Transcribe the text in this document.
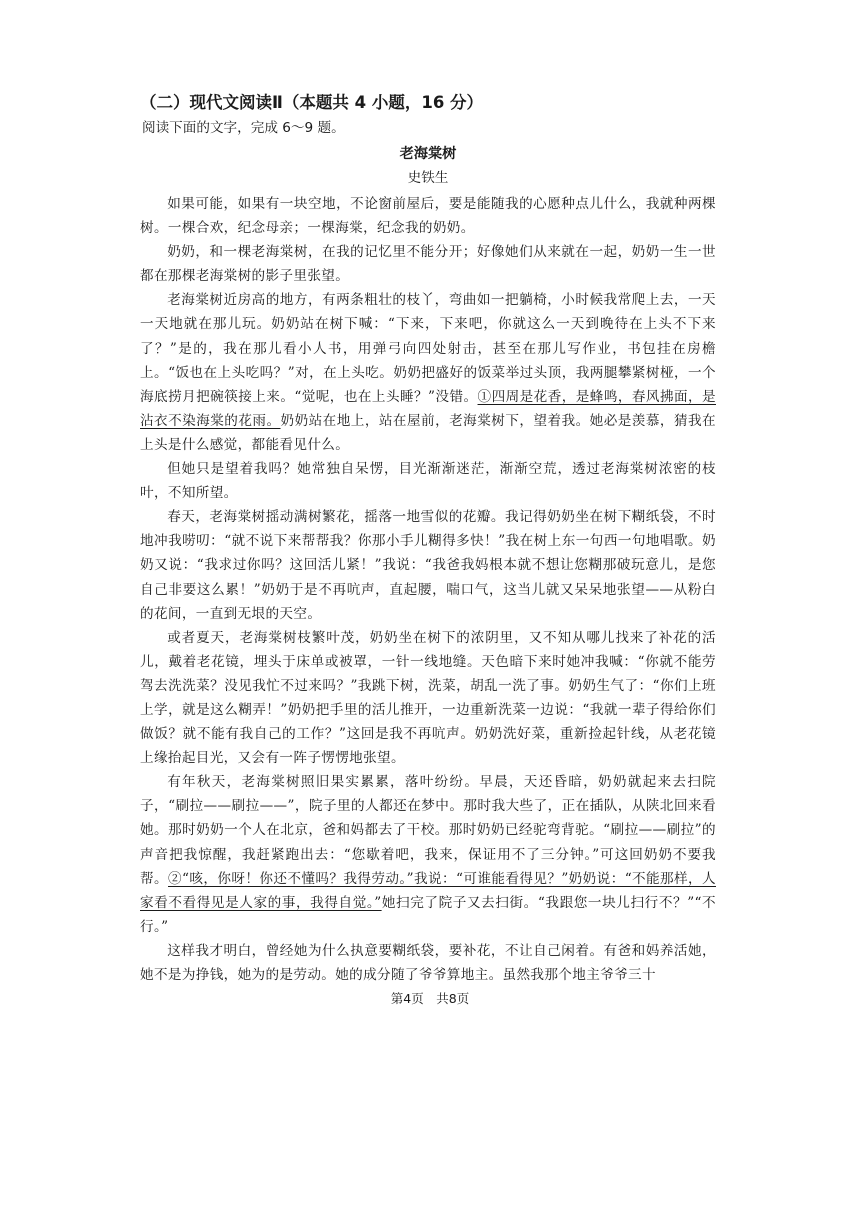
（二）现代文阅读Ⅱ（本题共 4 小题，16 分）

阅读下面的文字，完成 6～9 题。

老海棠树

史铁生

如果可能，如果有一块空地，不论窗前屋后，要是能随我的心愿种点儿什么，我就种两棵树。一棵合欢，纪念母亲；一棵海棠，纪念我的奶奶。

奶奶，和一棵老海棠树，在我的记忆里不能分开；好像她们从来就在一起，奶奶一生一世都在那棵老海棠树的影子里张望。

老海棠树近房高的地方，有两条粗壮的枝丫，弯曲如一把躺椅，小时候我常爬上去，一天一天地就在那儿玩。奶奶站在树下喊：“下来，下来吧，你就这么一天到晚待在上头不下来了？”是的，我在那儿看小人书，用弹弓向四处射击，甚至在那儿写作业，书包挂在房檐上。“饭也在上头吃吗？”对，在上头吃。奶奶把盛好的饭菜举过头顶，我两腿攀紧树桠，一个海底捞月把碗筷接上来。“觉呢，也在上头睡？”没错。①四周是花香，是蜂鸣，春风拂面，是沾衣不染海棠的花雨。奶奶站在地上，站在屋前，老海棠树下，望着我。她必是羡慕，猜我在上头是什么感觉，都能看见什么。

但她只是望着我吗？她常独自呆愣，目光渐渐迷茫，渐渐空荒，透过老海棠树浓密的枝叶，不知所望。

春天，老海棠树摇动满树繁花，摇落一地雪似的花瓣。我记得奶奶坐在树下糊纸袋，不时地冲我唠叨：“就不说下来帮帮我？你那小手儿糊得多快！”我在树上东一句西一句地唱歌。奶奶又说：“我求过你吗？这回活儿紧！”我说：“我爸我妈根本就不想让您糊那破玩意儿，是您自己非要这么累！”奶奶于是不再吭声，直起腰，喘口气，这当儿就又呆呆地张望——从粉白的花间，一直到无垠的天空。

或者夏天，老海棠树枝繁叶茂，奶奶坐在树下的浓阴里，又不知从哪儿找来了补花的活儿，戴着老花镜，埋头于床单或被罩，一针一线地缝。天色暗下来时她冲我喊：“你就不能劳驾去洗洗菜？没见我忙不过来吗？”我跳下树，洗菜，胡乱一洗了事。奶奶生气了：“你们上班上学，就是这么糊弄！”奶奶把手里的活儿推开，一边重新洗菜一边说：“我就一辈子得给你们做饭？就不能有我自己的工作？”这回是我不再吭声。奶奶洗好菜，重新捡起针线，从老花镜上缘抬起目光，又会有一阵子愣愣地张望。

有年秋天，老海棠树照旧果实累累，落叶纷纷。早晨，天还昏暗，奶奶就起来去扫院子，“刷拉——刷拉——”，院子里的人都还在梦中。那时我大些了，正在插队，从陕北回来看她。那时奶奶一个人在北京，爸和妈都去了干校。那时奶奶已经驼弯背驼。“刷拉——刷拉”的声音把我惊醒，我赶紧跑出去：“您歇着吧，我来，保证用不了三分钟。”可这回奶奶不要我帮。②“咳，你呀！你还不懂吗？我得劳动。”我说：“可谁能看得见？”奶奶说：“不能那样，人家看不看得见是人家的事，我得自觉。”她扫完了院子又去扫街。“我跟您一块儿扫行不？”“不行。”

这样我才明白，曾经她为什么执意要糊纸袋，要补花，不让自己闲着。有爸和妈养活她，她不是为挣钱，她为的是劳动。她的成分随了爷爷算地主。虽然我那个地主爷爷三十

第4页　共8页
